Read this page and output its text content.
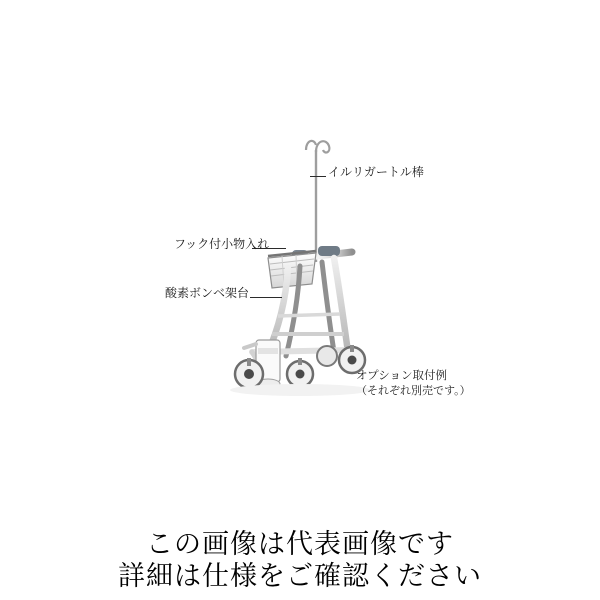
イルリガートル棒
フック付小物入れ
酸素ボンベ架台
オプション取付例
（それぞれ別売です。）
この画像は代表画像です
詳細は仕様をご確認ください
